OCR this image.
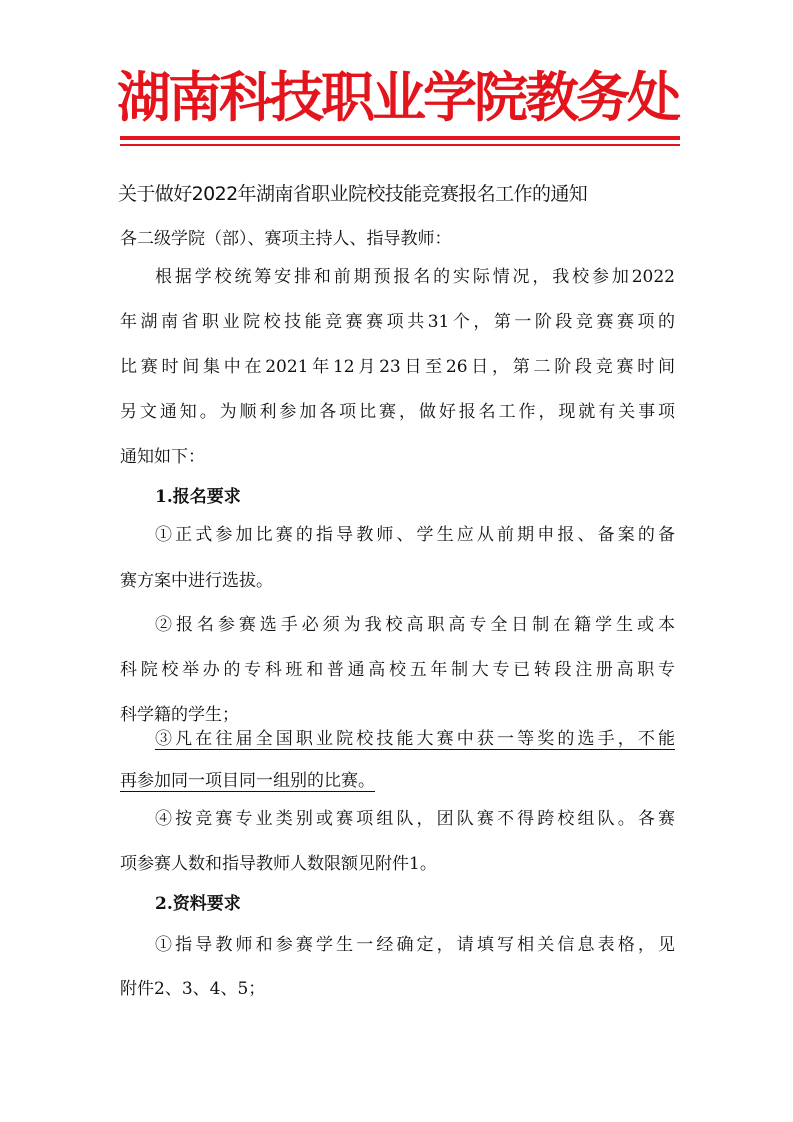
湖南科技职业学院教务处
关于做好2022年湖南省职业院校技能竞赛报名工作的通知
各二级学院（部）、赛项主持人、指导教师：
根据学校统筹安排和前期预报名的实际情况，我校参加2022
年湖南省职业院校技能竞赛赛项共31个，第一阶段竞赛赛项的
比赛时间集中在2021年12月23日至26日，第二阶段竞赛时间
另文通知。为顺利参加各项比赛，做好报名工作，现就有关事项
通知如下：
1.报名要求
①正式参加比赛的指导教师、学生应从前期申报、备案的备
赛方案中进行选拔。
②报名参赛选手必须为我校高职高专全日制在籍学生或本
科院校举办的专科班和普通高校五年制大专已转段注册高职专
科学籍的学生；
③凡在往届全国职业院校技能大赛中获一等奖的选手，不能
再参加同一项目同一组别的比赛。
④按竞赛专业类别或赛项组队，团队赛不得跨校组队。各赛
项参赛人数和指导教师人数限额见附件1。
2.资料要求
①指导教师和参赛学生一经确定，请填写相关信息表格，见
附件2、3、4、5；
